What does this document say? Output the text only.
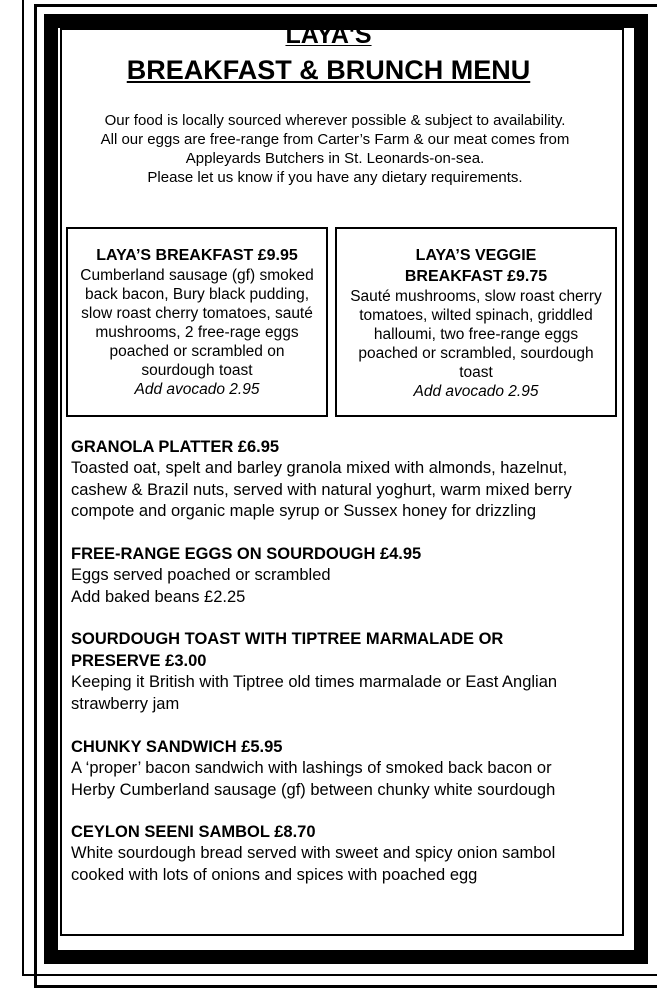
LAYA'S
BREAKFAST & BRUNCH MENU
Our food is locally sourced wherever possible & subject to availability.
All our eggs are free-range from Carter’s Farm & our meat comes from
Appleyards Butchers in St. Leonards-on-sea.
Please let us know if you have any dietary requirements.
LAYA’S BREAKFAST £9.95

Cumberland sausage (gf) smoked back bacon, Bury black pudding, slow roast cherry tomatoes, sauté mushrooms, 2 free-rage eggs poached or scrambled on sourdough toast

Add avocado 2.95

LAYA’S VEGGIE BREAKFAST £9.75

Sauté mushrooms, slow roast cherry tomatoes, wilted spinach, griddled halloumi, two free-range eggs poached or scrambled, sourdough toast

Add avocado 2.95

GRANOLA PLATTER £6.95

Toasted oat, spelt and barley granola mixed with almonds, hazelnut,

cashew & Brazil nuts, served with natural yoghurt, warm mixed berry

compote and organic maple syrup or Sussex honey for drizzling

FREE-RANGE EGGS ON SOURDOUGH £4.95

Eggs served poached or scrambled

Add baked beans £2.25

SOURDOUGH TOAST WITH TIPTREE MARMALADE OR
PRESERVE £3.00

Keeping it British with Tiptree old times marmalade or East Anglian

strawberry jam

CHUNKY SANDWICH £5.95

A ‘proper’ bacon sandwich with lashings of smoked back bacon or

Herby Cumberland sausage (gf) between chunky white sourdough

CEYLON SEENI SAMBOL £8.70

White sourdough bread served with sweet and spicy onion sambol

cooked with lots of onions and spices with poached egg
